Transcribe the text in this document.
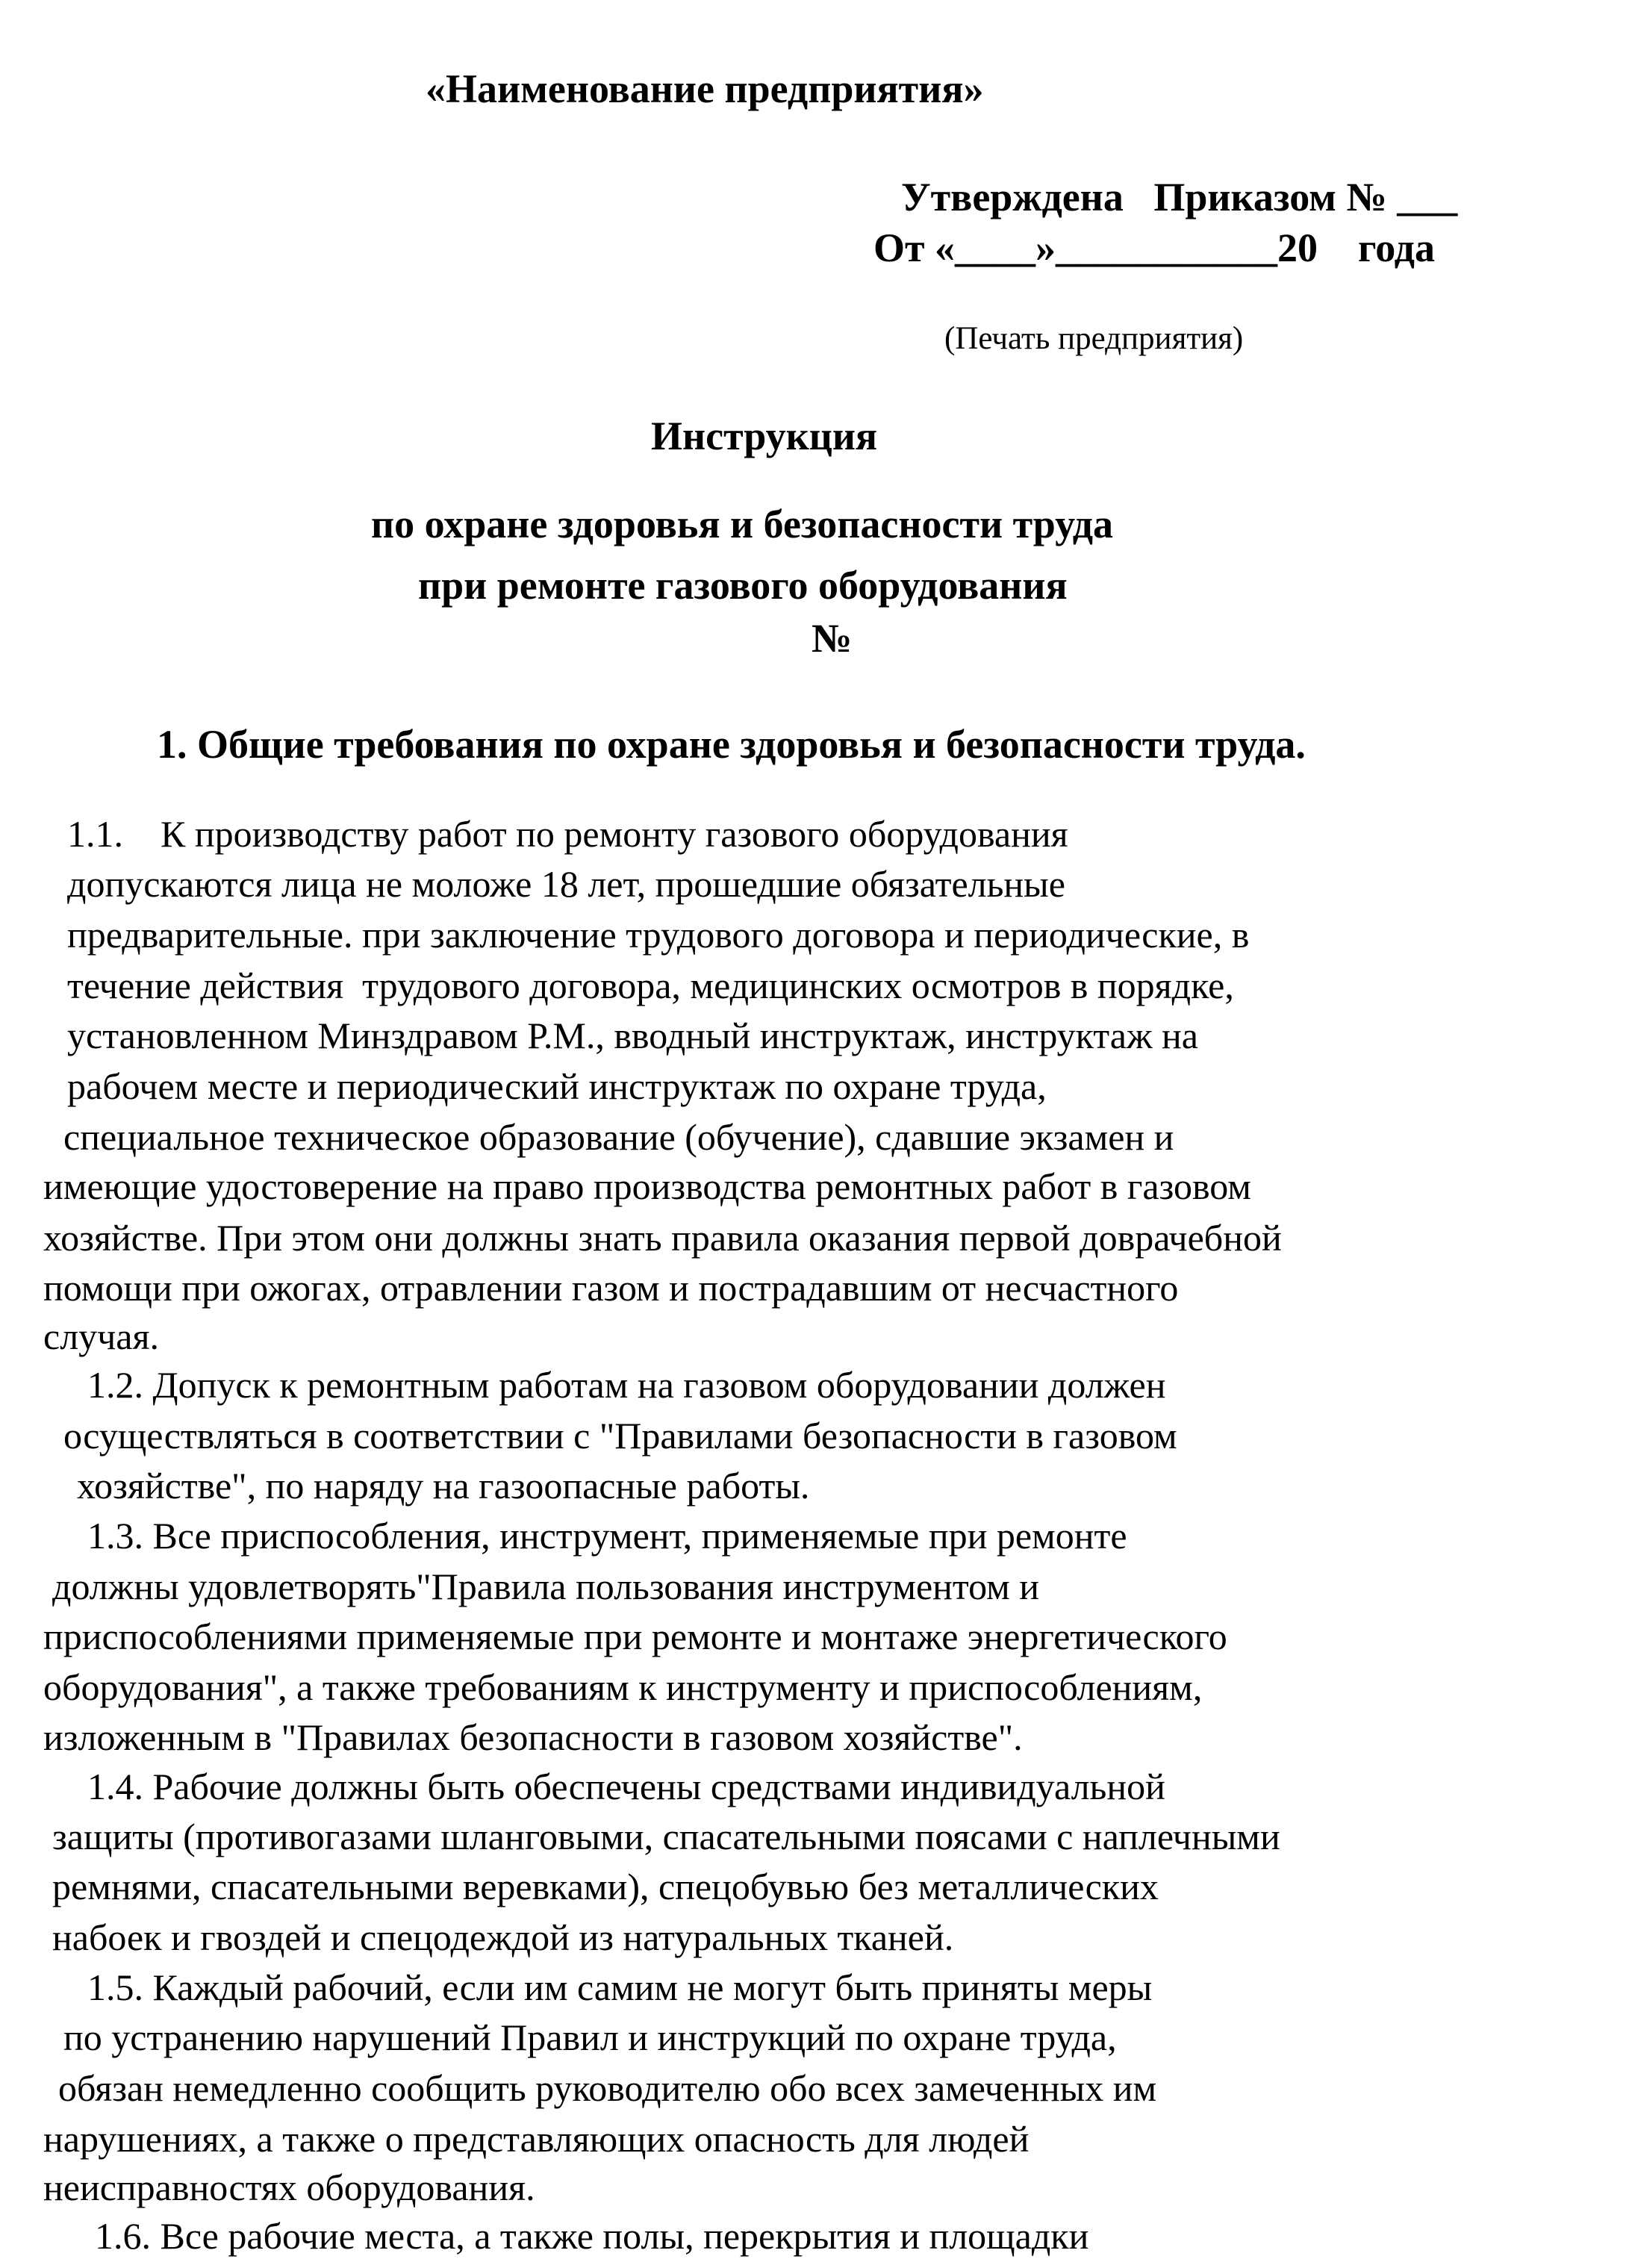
«Наименование предприятия»
Утверждена   Приказом № ___
От «____»___________20    года
(Печать предприятия)
Инструкция
по охране здоровья и безопасности труда
при ремонте газового оборудования
№
1. Общие требования по охране здоровья и безопасности труда.
1.1.    К производству работ по ремонту газового оборудования
допускаются лица не моложе 18 лет, прошедшие обязательные
предварительные. при заключение трудового договора и периодические, в
течение действия  трудового договора, медицинских осмотров в порядке,
установленном Минздравом Р.М., вводный инструктаж, инструктаж на
рабочем месте и периодический инструктаж по охране труда,
специальное техническое образование (обучение), сдавшие экзамен и
имеющие удостоверение на право производства ремонтных работ в газовом
хозяйстве. При этом они должны знать правила оказания первой доврачебной
помощи при ожогах, отравлении газом и пострадавшим от несчастного
случая.
1.2. Допуск к ремонтным работам на газовом оборудовании должен
осуществляться в соответствии с "Правилами безопасности в газовом
хозяйстве", по наряду на газоопасные работы.
1.3. Все приспособления, инструмент, применяемые при ремонте
должны удовлетворять"Правила пользования инструментом и
приспособлениями применяемые при ремонте и монтаже энергетического
оборудования", а также требованиям к инструменту и приспособлениям,
изложенным в "Правилах безопасности в газовом хозяйстве".
1.4. Рабочие должны быть обеспечены средствами индивидуальной
защиты (противогазами шланговыми, спасательными поясами с наплечными
ремнями, спасательными веревками), спецобувью без металлических
набоек и гвоздей и спецодеждой из натуральных тканей.
1.5. Каждый рабочий, если им самим не могут быть приняты меры
по устранению нарушений Правил и инструкций по охране труда,
обязан немедленно сообщить руководителю обо всех замеченных им
нарушениях, а также о представляющих опасность для людей
неисправностях оборудования.
1.6. Все рабочие места, а также полы, перекрытия и площадки
